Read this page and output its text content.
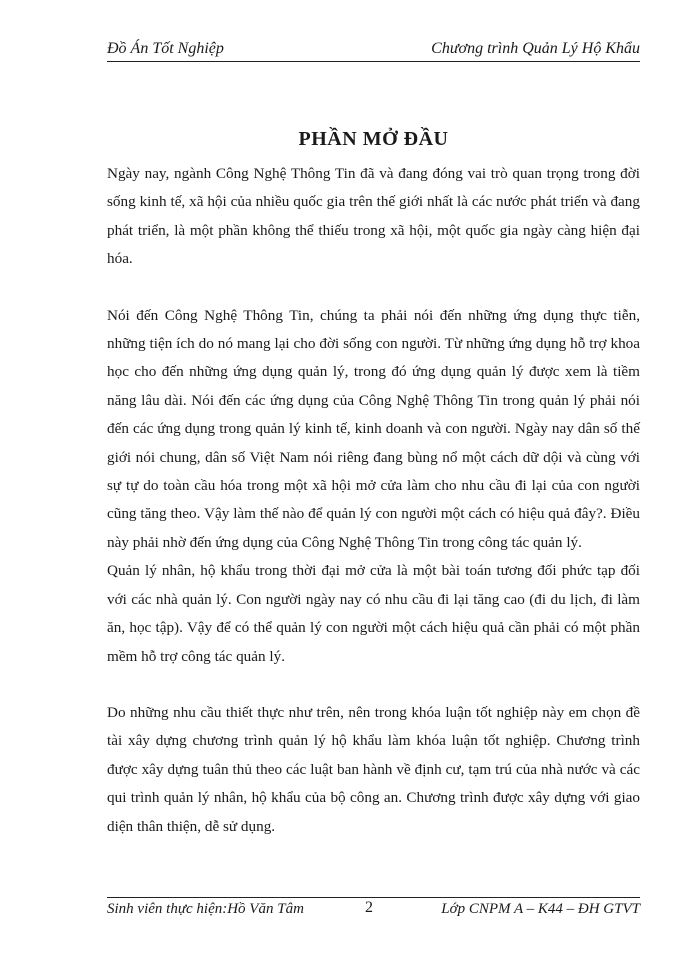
Đồ Án Tốt Nghiệp	Chương trình Quản Lý Hộ Khẩu
PHẦN MỞ ĐẦU

Ngày nay, ngành Công Nghệ Thông Tin đã và đang đóng vai trò quan trọng trong đời sống kinh tế, xã hội của nhiều quốc gia trên thế giới nhất là các nước phát triển và đang phát triển, là một phần không thể thiếu trong xã hội, một quốc gia ngày càng hiện đại hóa.

Nói đến Công Nghệ Thông Tin, chúng ta phải nói đến những ứng dụng thực tiễn, những tiện ích do nó mang lại cho đời sống con người. Từ những ứng dụng hỗ trợ khoa học cho đến những ứng dụng quản lý, trong đó ứng dụng quản lý được xem là tiềm năng lâu dài. Nói đến các ứng dụng của Công Nghệ Thông Tin trong quản lý phải nói đến các ứng dụng trong quản lý kinh tế, kinh doanh và con người. Ngày nay dân số thế giới nói chung, dân số Việt Nam nói riêng đang bùng nổ một cách dữ dội và cùng với sự tự do toàn cầu hóa trong một xã hội mở cửa làm cho nhu cầu đi lại của con người cũng tăng theo. Vậy làm thế nào để quản lý con người một cách có hiệu quả đây?. Điều này phải nhờ đến ứng dụng của Công Nghệ Thông Tin trong công tác quản lý.

Quản lý nhân, hộ khẩu trong thời đại mở cửa là một bài toán tương đối phức tạp đối với các nhà quản lý. Con người ngày nay có nhu cầu đi lại tăng cao (đi du lịch, đi làm ăn, học tập). Vậy để có thể quản lý con người một cách hiệu quả cần phải có một phần mềm hỗ trợ công tác quản lý.

Do những nhu cầu thiết thực như trên, nên trong khóa luận tốt nghiệp này em chọn đề tài xây dựng chương trình quản lý hộ khẩu làm khóa luận tốt nghiệp. Chương trình được xây dựng tuân thủ theo các luật ban hành về định cư, tạm trú của nhà nước và các qui trình quản lý nhân, hộ khẩu của bộ công an. Chương trình được xây dựng với giao diện thân thiện, dễ sử dụng.

Sinh viên thực hiện:Hồ Văn Tâm	2	Lớp CNPM A – K44 – ĐH GTVT
